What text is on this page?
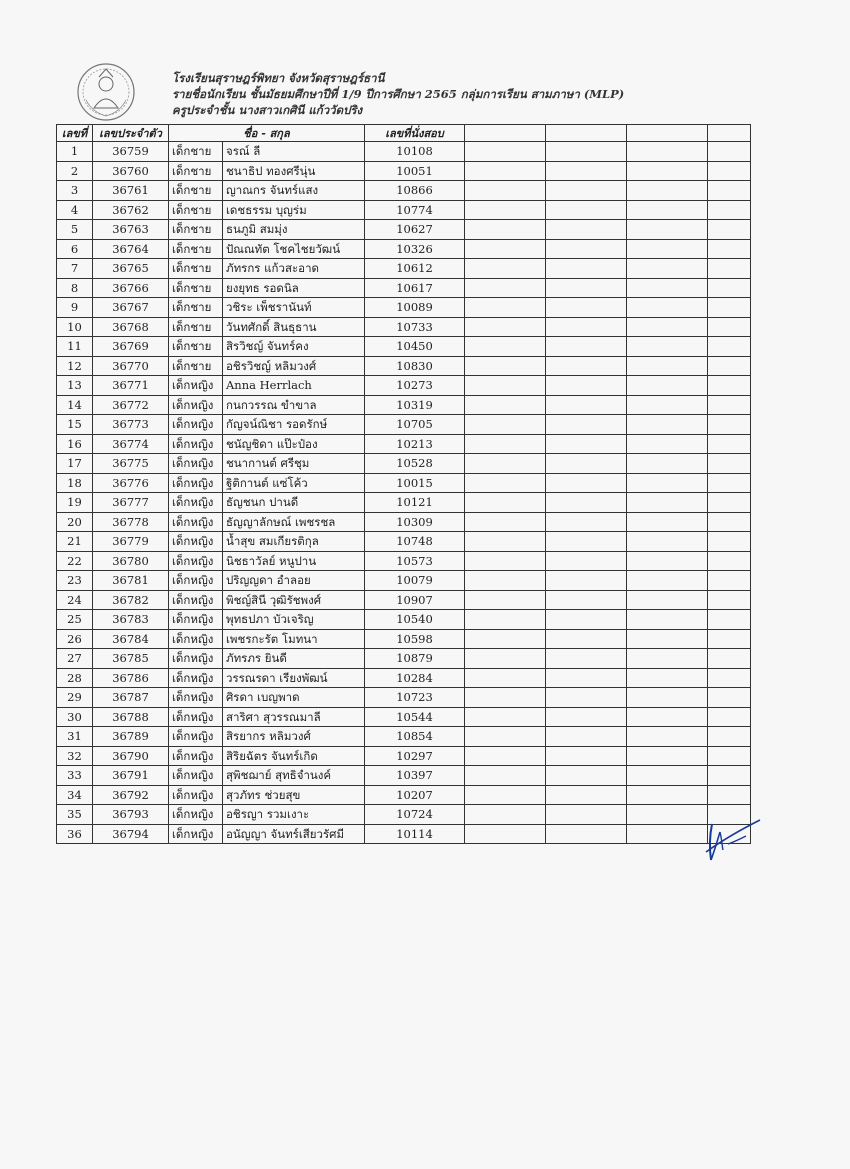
โรงเรียนสุราษฎร์พิทยา จังหวัดสุราษฎร์ธานี
รายชื่อนักเรียน ชั้นมัธยมศึกษาปีที่ 1/9 ปีการศึกษา 2565 กลุ่มการเรียน สามภาษา (MLP)
ครูประจำชั้น นางสาวเกศินี แก้ววัดปริง
เลขที่	เลขประจำตัว	ชื่อ - สกุล		เลขที่นั่งสอบ				
1	36759	เด็กชาย	จรณ์ ลี	10108				
2	36760	เด็กชาย	ชนาธิป ทองศรีนุ่น	10051				
3	36761	เด็กชาย	ญาณกร จันทร์แสง	10866				
4	36762	เด็กชาย	เดชธรรม บุญร่ม	10774				
5	36763	เด็กชาย	ธนภูมิ สมมุ่ง	10627				
6	36764	เด็กชาย	ปัณณทัต โชคไชยวัฒน์	10326				
7	36765	เด็กชาย	ภัทรกร แก้วสะอาด	10612				
8	36766	เด็กชาย	ยงยุทธ รอดนิล	10617				
9	36767	เด็กชาย	วชิระ เพ็ชรานันท์	10089				
10	36768	เด็กชาย	วันทศักดิ์ สินธุธาน	10733				
11	36769	เด็กชาย	สิรวิชญ์ จันทร์คง	10450				
12	36770	เด็กชาย	อชิรวิชญ์ หลิมวงศ์	10830				
13	36771	เด็กหญิง	Anna Herrlach	10273				
14	36772	เด็กหญิง	กนกวรรณ ขำขาล	10319				
15	36773	เด็กหญิง	กัญจน์ณิชา รอดรักษ์	10705				
16	36774	เด็กหญิง	ชนัญชิดา แป๊ะป๋อง	10213				
17	36775	เด็กหญิง	ชนากานต์ ศรีชุม	10528				
18	36776	เด็กหญิง	ฐิติกานต์ แซ่โค้ว	10015				
19	36777	เด็กหญิง	ธัญชนก ปานดี	10121				
20	36778	เด็กหญิง	ธัญญาลักษณ์ เพชรชล	10309				
21	36779	เด็กหญิง	น้ำสุข สมเกียรติกุล	10748				
22	36780	เด็กหญิง	นิชธาวัลย์ หนูปาน	10573				
23	36781	เด็กหญิง	ปริญญดา อำลอย	10079				
24	36782	เด็กหญิง	พิชญ์สินี วุฒิรัชพงศ์	10907				
25	36783	เด็กหญิง	พุทธปภา บัวเจริญ	10540				
26	36784	เด็กหญิง	เพชรกะรัต โมทนา	10598				
27	36785	เด็กหญิง	ภัทรภร ยินดี	10879				
28	36786	เด็กหญิง	วรรณรดา เรียงพัฒน์	10284				
29	36787	เด็กหญิง	ศิรดา เบญพาด	10723				
30	36788	เด็กหญิง	สาริศา สุวรรณมาลี	10544				
31	36789	เด็กหญิง	สิรยากร หลิมวงศ์	10854				
32	36790	เด็กหญิง	สิริยฉัตร จันทร์เกิด	10297				
33	36791	เด็กหญิง	สุพิชฌาย์ สุทธิจำนงค์	10397				
34	36792	เด็กหญิง	สุวภัทร ช่วยสุข	10207				
35	36793	เด็กหญิง	อชิรญา รวมเงาะ	10724				
36	36794	เด็กหญิง	อนัญญา จันทร์เสียวรัศมี	10114				
